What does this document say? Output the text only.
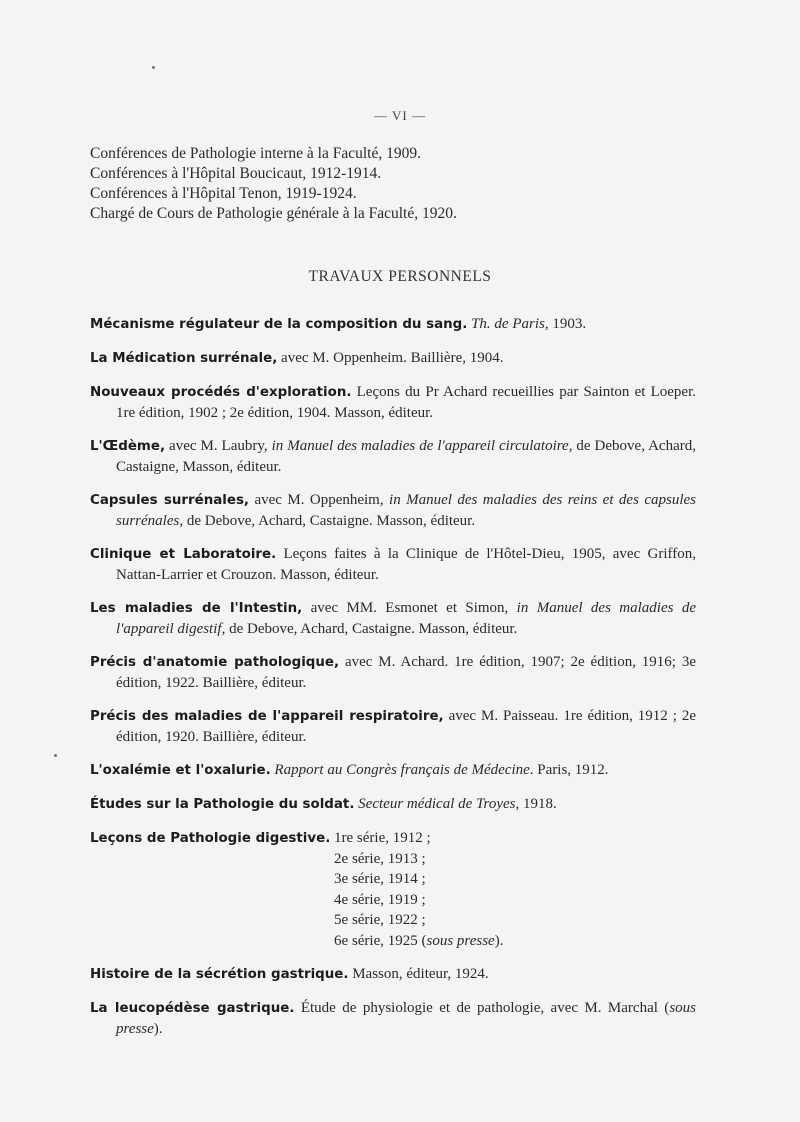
— VI —
Conférences de Pathologie interne à la Faculté, 1909.
Conférences à l'Hôpital Boucicaut, 1912-1914.
Conférences à l'Hôpital Tenon, 1919-1924.
Chargé de Cours de Pathologie générale à la Faculté, 1920.
TRAVAUX PERSONNELS
Mécanisme régulateur de la composition du sang. Th. de Paris, 1903.
La Médication surrénale, avec M. Oppenheim. Baillière, 1904.
Nouveaux procédés d'exploration. Leçons du Pr Achard recueillies par Sainton et Loeper. 1re édition, 1902 ; 2e édition, 1904. Masson, éditeur.
L'Œdème, avec M. Laubry, in Manuel des maladies de l'appareil circulatoire, de Debove, Achard, Castaigne, Masson, éditeur.
Capsules surrénales, avec M. Oppenheim, in Manuel des maladies des reins et des capsules surrénales, de Debove, Achard, Castaigne. Masson, éditeur.
Clinique et Laboratoire. Leçons faites à la Clinique de l'Hôtel-Dieu, 1905, avec Griffon, Nattan-Larrier et Crouzon. Masson, éditeur.
Les maladies de l'Intestin, avec MM. Esmonet et Simon, in Manuel des maladies de l'appareil digestif, de Debove, Achard, Castaigne. Masson, éditeur.
Précis d'anatomie pathologique, avec M. Achard. 1re édition, 1907; 2e édition, 1916; 3e édition, 1922. Baillière, éditeur.
Précis des maladies de l'appareil respiratoire, avec M. Paisseau. 1re édition, 1912 ; 2e édition, 1920. Baillière, éditeur.
L'oxalémie et l'oxalurie. Rapport au Congrès français de Médecine. Paris, 1912.
Études sur la Pathologie du soldat. Secteur médical de Troyes, 1918.
Leçons de Pathologie digestive. 1re série, 1912 ;
2e série, 1913 ;
3e série, 1914 ;
4e série, 1919 ;
5e série, 1922 ;
6e série, 1925 (sous presse).
Histoire de la sécrétion gastrique. Masson, éditeur, 1924.
La leucopédèse gastrique. Étude de physiologie et de pathologie, avec M. Marchal (sous presse).
